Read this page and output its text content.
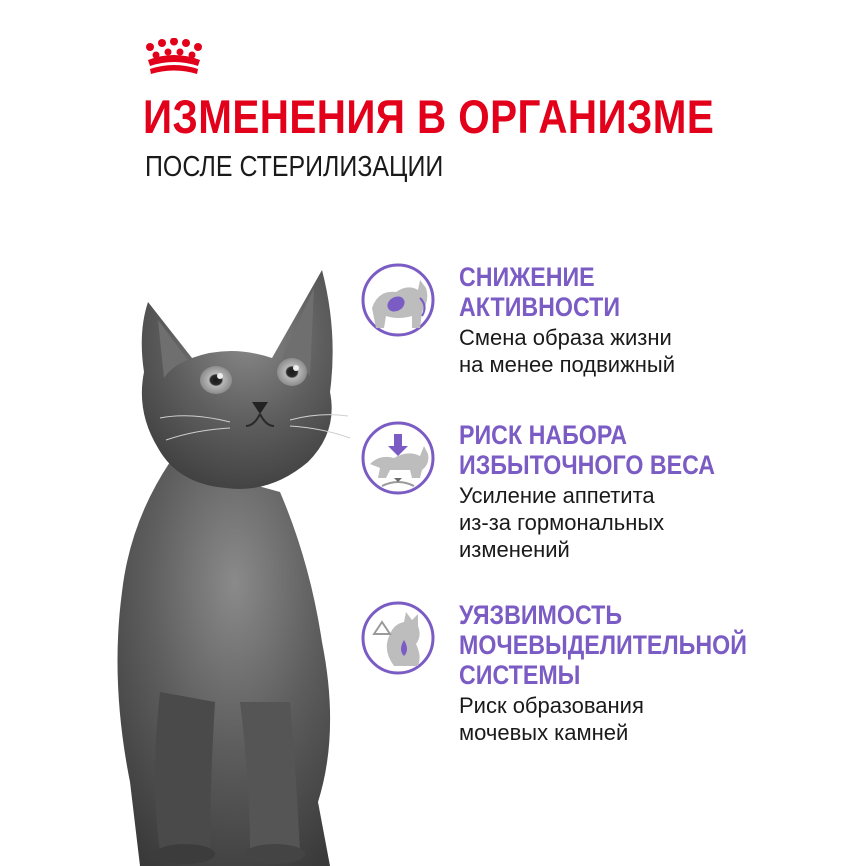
ИЗМЕНЕНИЯ В ОРГАНИЗМЕ
ПОСЛЕ СТЕРИЛИЗАЦИИ
СНИЖЕНИЕ
АКТИВНОСТИ
Смена образа жизни
на менее подвижный
РИСК НАБОРА
ИЗБЫТОЧНОГО ВЕСА
Усиление аппетита
из-за гормональных
изменений
УЯЗВИМОСТЬ
МОЧЕВЫДЕЛИТЕЛЬНОЙ
СИСТЕМЫ
Риск образования
мочевых камней
